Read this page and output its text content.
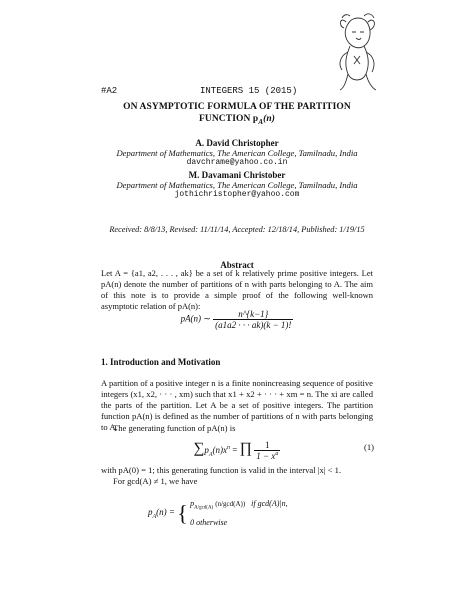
#A2	INTEGERS 15 (2015)
ON ASYMPTOTIC FORMULA OF THE PARTITION
FUNCTION $p_A(n)$
A. David Christopher
Department of Mathematics, The American College, Tamilnadu, India
davchrame@yahoo.co.in
M. Davamani Christober
Department of Mathematics, The American College, Tamilnadu, India
jothichristopher@yahoo.com
Received: 8/8/13, Revised: 11/11/14, Accepted: 12/18/14, Published: 1/19/15
Abstract
Let A = {a1, a2, . . . , ak} be a set of k relatively prime positive integers. Let pA(n) denote the number of partitions of n with parts belonging to A. The aim of this note is to provide a simple proof of the following well-known asymptotic relation of pA(n):
pA(n) ∼ $\frac{n\^{}\{k-1\}}{(a1a2 \cdot \cdot \cdot ak)(k - 1)!}$
1. Introduction and Motivation
A partition of a positive integer n is a finite nonincreasing sequence of positive integers (x1, x2, · · · , xm) such that x1 + x2 + · · · + xm = n. The xi are called the parts of the partition. Let A be a set of positive integers. The partition function pA(n) is defined as the number of partitions of n with parts belonging to A.
The generating function of pA(n) is
$\sum p_A(n)x^n$ = ∏ $\frac{1}{1 - x^a}$	(1)
with pA(0) = 1; this generating function is valid in the interval |x| < 1.
For gcd(A) ≠ 1, we have
$p_A(n)$ = { $p_{A/gcd(A)}$ (n/gcd(A)) if gcd(A)|n,
0 otherwise
